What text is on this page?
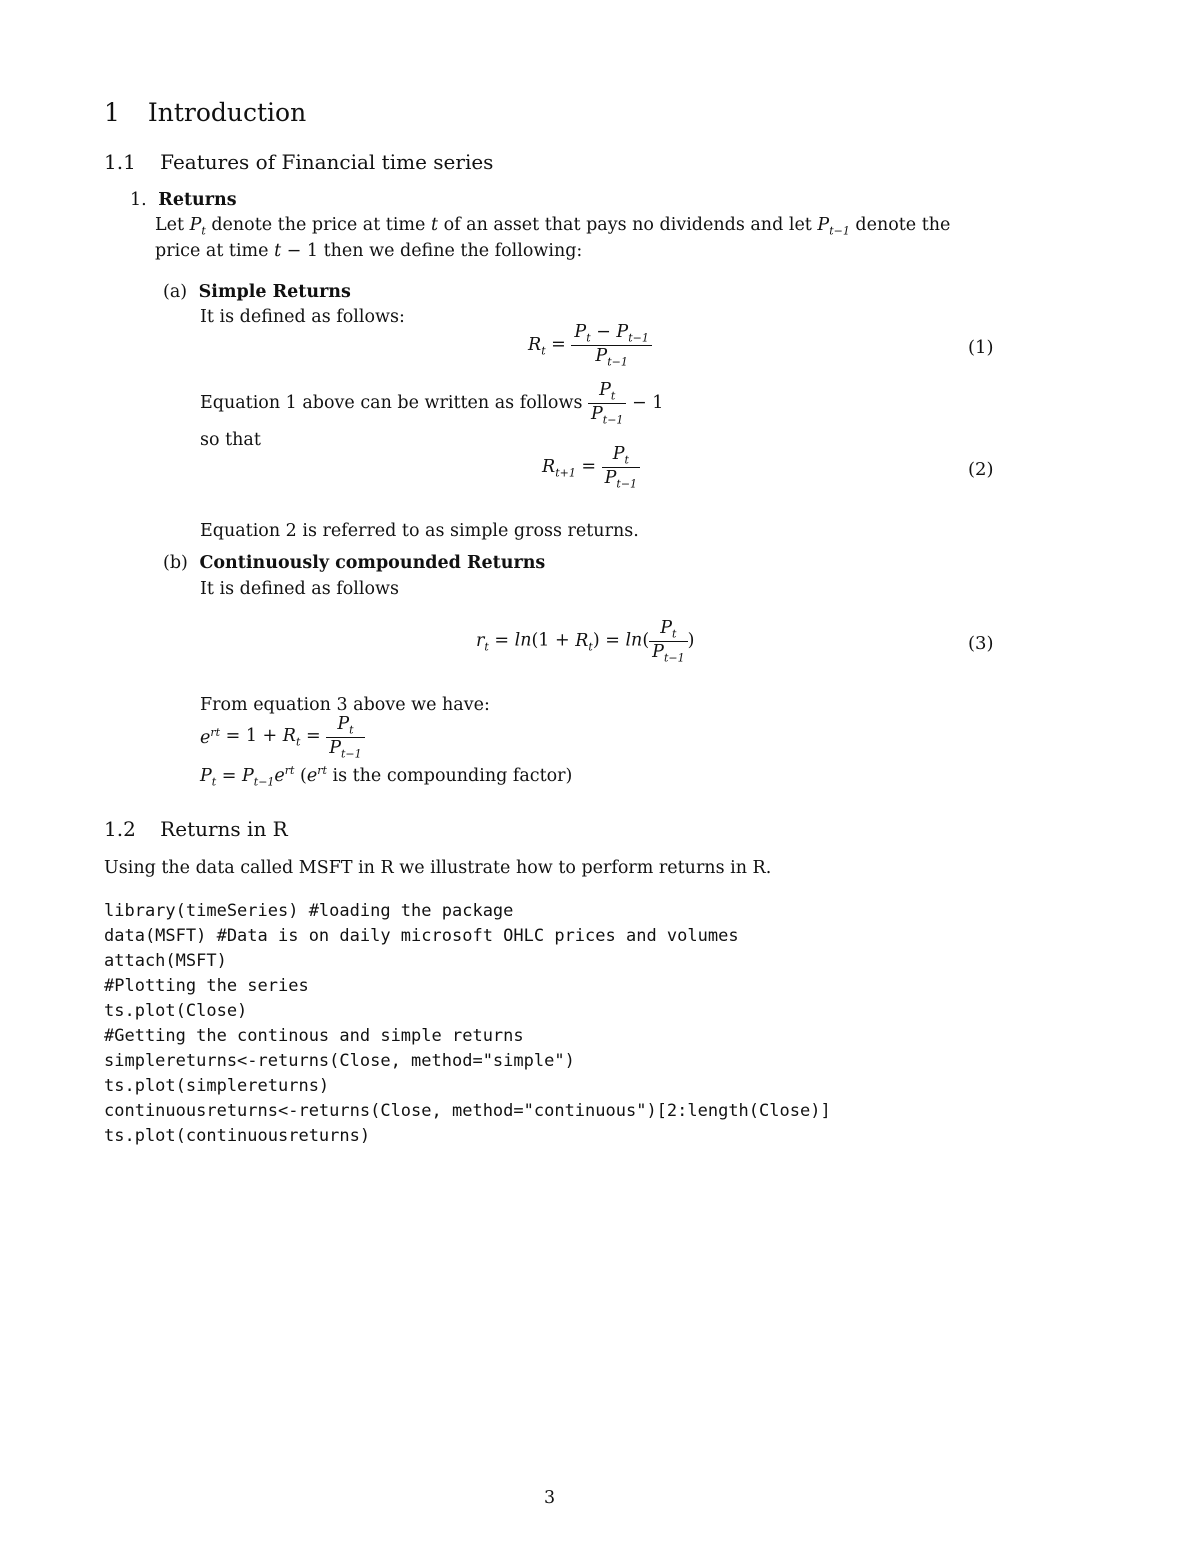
1 Introduction
1.1 Features of Financial time series
1. Returns
Let $P_t$ denote the price at time t of an asset that pays no dividends and let $P_{t-1}$ denote the
price at time t − 1 then we define the following:
(a) Simple Returns
It is defined as follows:
$R_t = \frac{P_t - P_{t-1}}{P_{t-1}}$	(1)
Equation 1 above can be written as follows $\frac{P_t}{P_{t-1}} - 1$
so that
$R_{t+1} = \frac{P_t}{P_{t-1}}$	(2)
Equation 2 is referred to as simple gross returns.
(b) Continuously compounded Returns
It is defined as follows
$r_t = \ln(1 + R_t) = \ln( \frac{P_t}{P_{t-1}}$ )	(3)
From equation 3 above we have:
$e^{rt} = 1 + R_t = \frac{P_t}{P_{t-1}}$
$P_t = P_{t-1}e^{rt}$ ($e^{rt}$ is the compounding factor)
1.2 Returns in R
Using the data called MSFT in R we illustrate how to perform returns in R.
library(timeSeries) #loading the package
data(MSFT) #Data is on daily microsoft OHLC prices and volumes
attach(MSFT)
#Plotting the series
ts.plot(Close)
#Getting the continous and simple returns
simplereturns<-returns(Close, method="simple")
ts.plot(simplereturns)
continuousreturns<-returns(Close, method="continuous")[2:length(Close)]
ts.plot(continuousreturns)
3
